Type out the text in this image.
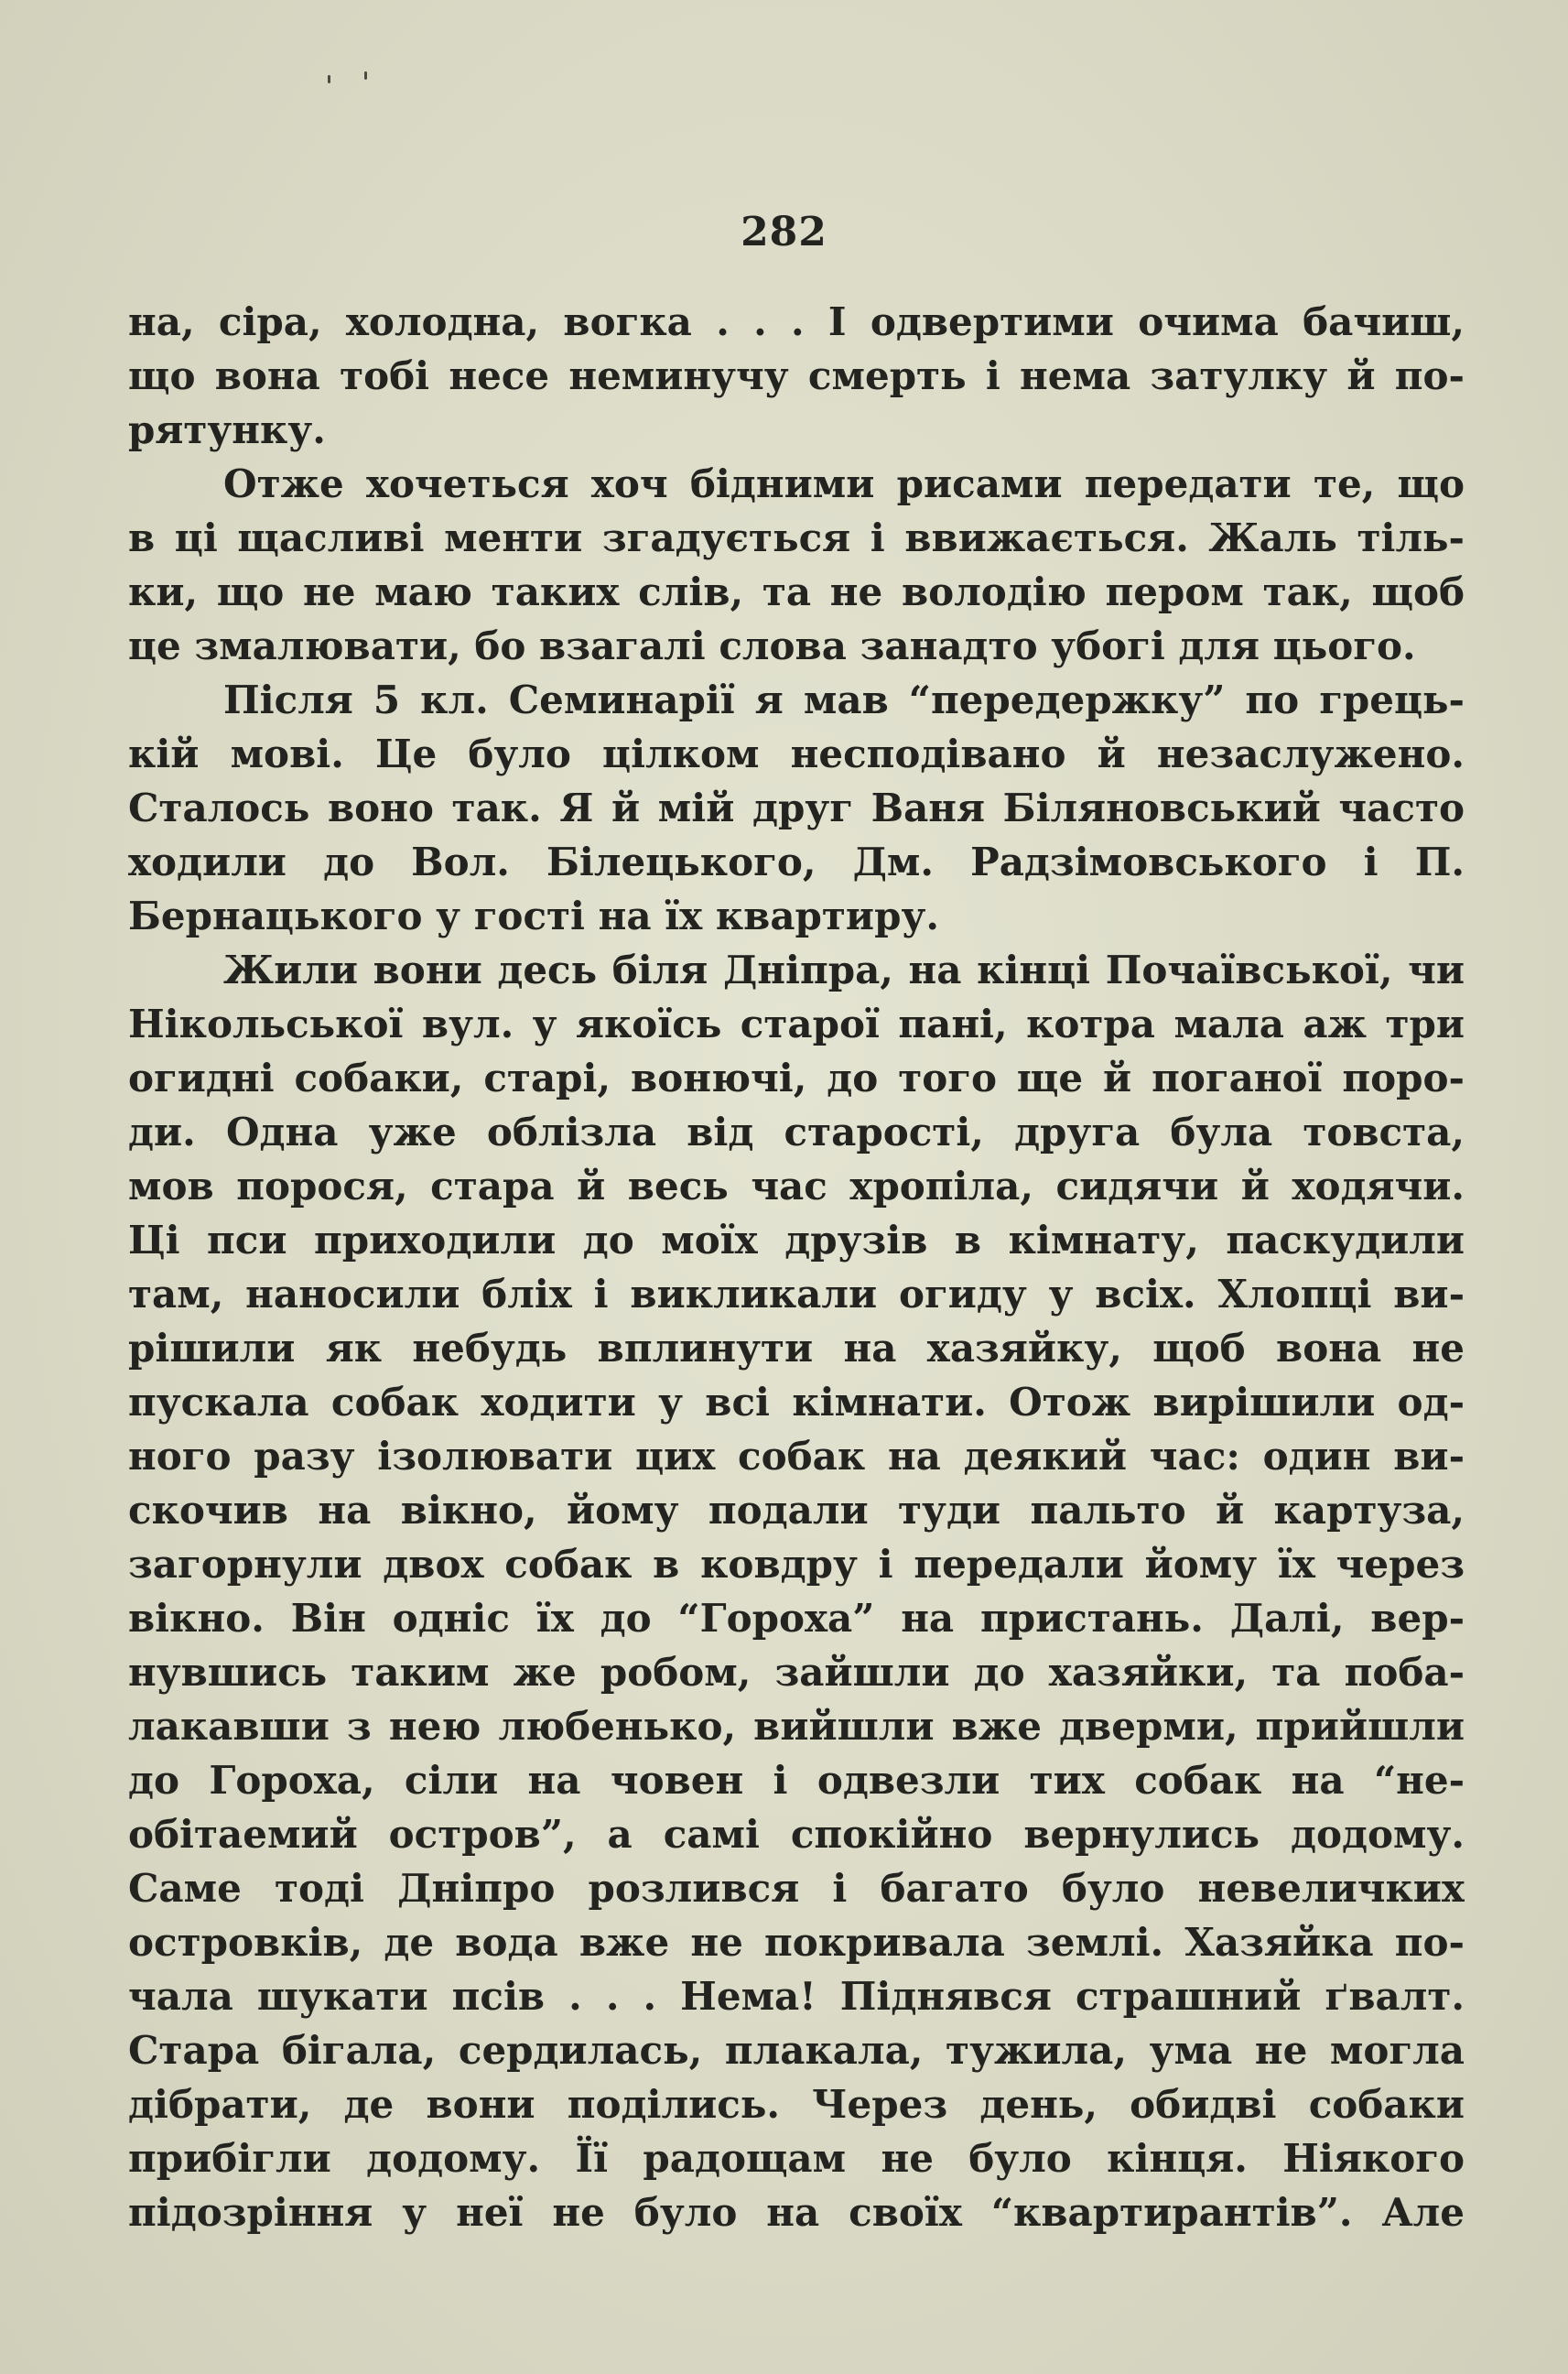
282
на, сіра, холодна, вогка . . . І одвертими очима бачиш,
що вона тобі несе неминучу смерть і нема затулку й по-
рятунку.
Отже хочеться хоч бідними рисами передати те, що
в ці щасливі менти згадується і ввижається. Жаль тіль-
ки, що не маю таких слів, та не володію пером так, щоб
це змалювати, бо взагалі слова занадто убогі для цього.
Після 5 кл. Семинарії я мав “передержку” по грець-
кій мові. Це було цілком несподівано й незаслужено.
Сталось воно так. Я й мій друг Ваня Біляновський часто
ходили до Вол. Білецького, Дм. Радзімовського і П.
Бернацького у гості на їх квартиру.
Жили вони десь біля Дніпра, на кінці Почаївської, чи
Нікольської вул. у якоїсь старої пані, котра мала аж три
огидні собаки, старі, вонючі, до того ще й поганої поро-
ди. Одна уже облізла від старості, друга була товста,
мов порося, стара й весь час хропіла, сидячи й ходячи.
Ці пси приходили до моїх друзів в кімнату, паскудили
там, наносили бліх і викликали огиду у всіх. Хлопці ви-
рішили як небудь вплинути на хазяйку, щоб вона не
пускала собак ходити у всі кімнати. Отож вирішили од-
ного разу ізолювати цих собак на деякий час: один ви-
скочив на вікно, йому подали туди пальто й картуза,
загорнули двох собак в ковдру і передали йому їх через
вікно. Він одніс їх до “Гороха” на пристань. Далі, вер-
нувшись таким же робом, зайшли до хазяйки, та поба-
лакавши з нею любенько, вийшли вже дверми, прийшли
до Гороха, сіли на човен і одвезли тих собак на “не-
обітаемий остров”, а самі спокійно вернулись додому.
Саме тоді Дніпро розлився і багато було невеличких
островків, де вода вже не покривала землі. Хазяйка по-
чала шукати псів . . . Нема! Піднявся страшний ґвалт.
Стара бігала, сердилась, плакала, тужила, ума не могла
дібрати, де вони поділись. Через день, обидві собаки
прибігли додому. Її радощам не було кінця. Ніякого
підозріння у неї не було на своїх “квартирантів”. Але
